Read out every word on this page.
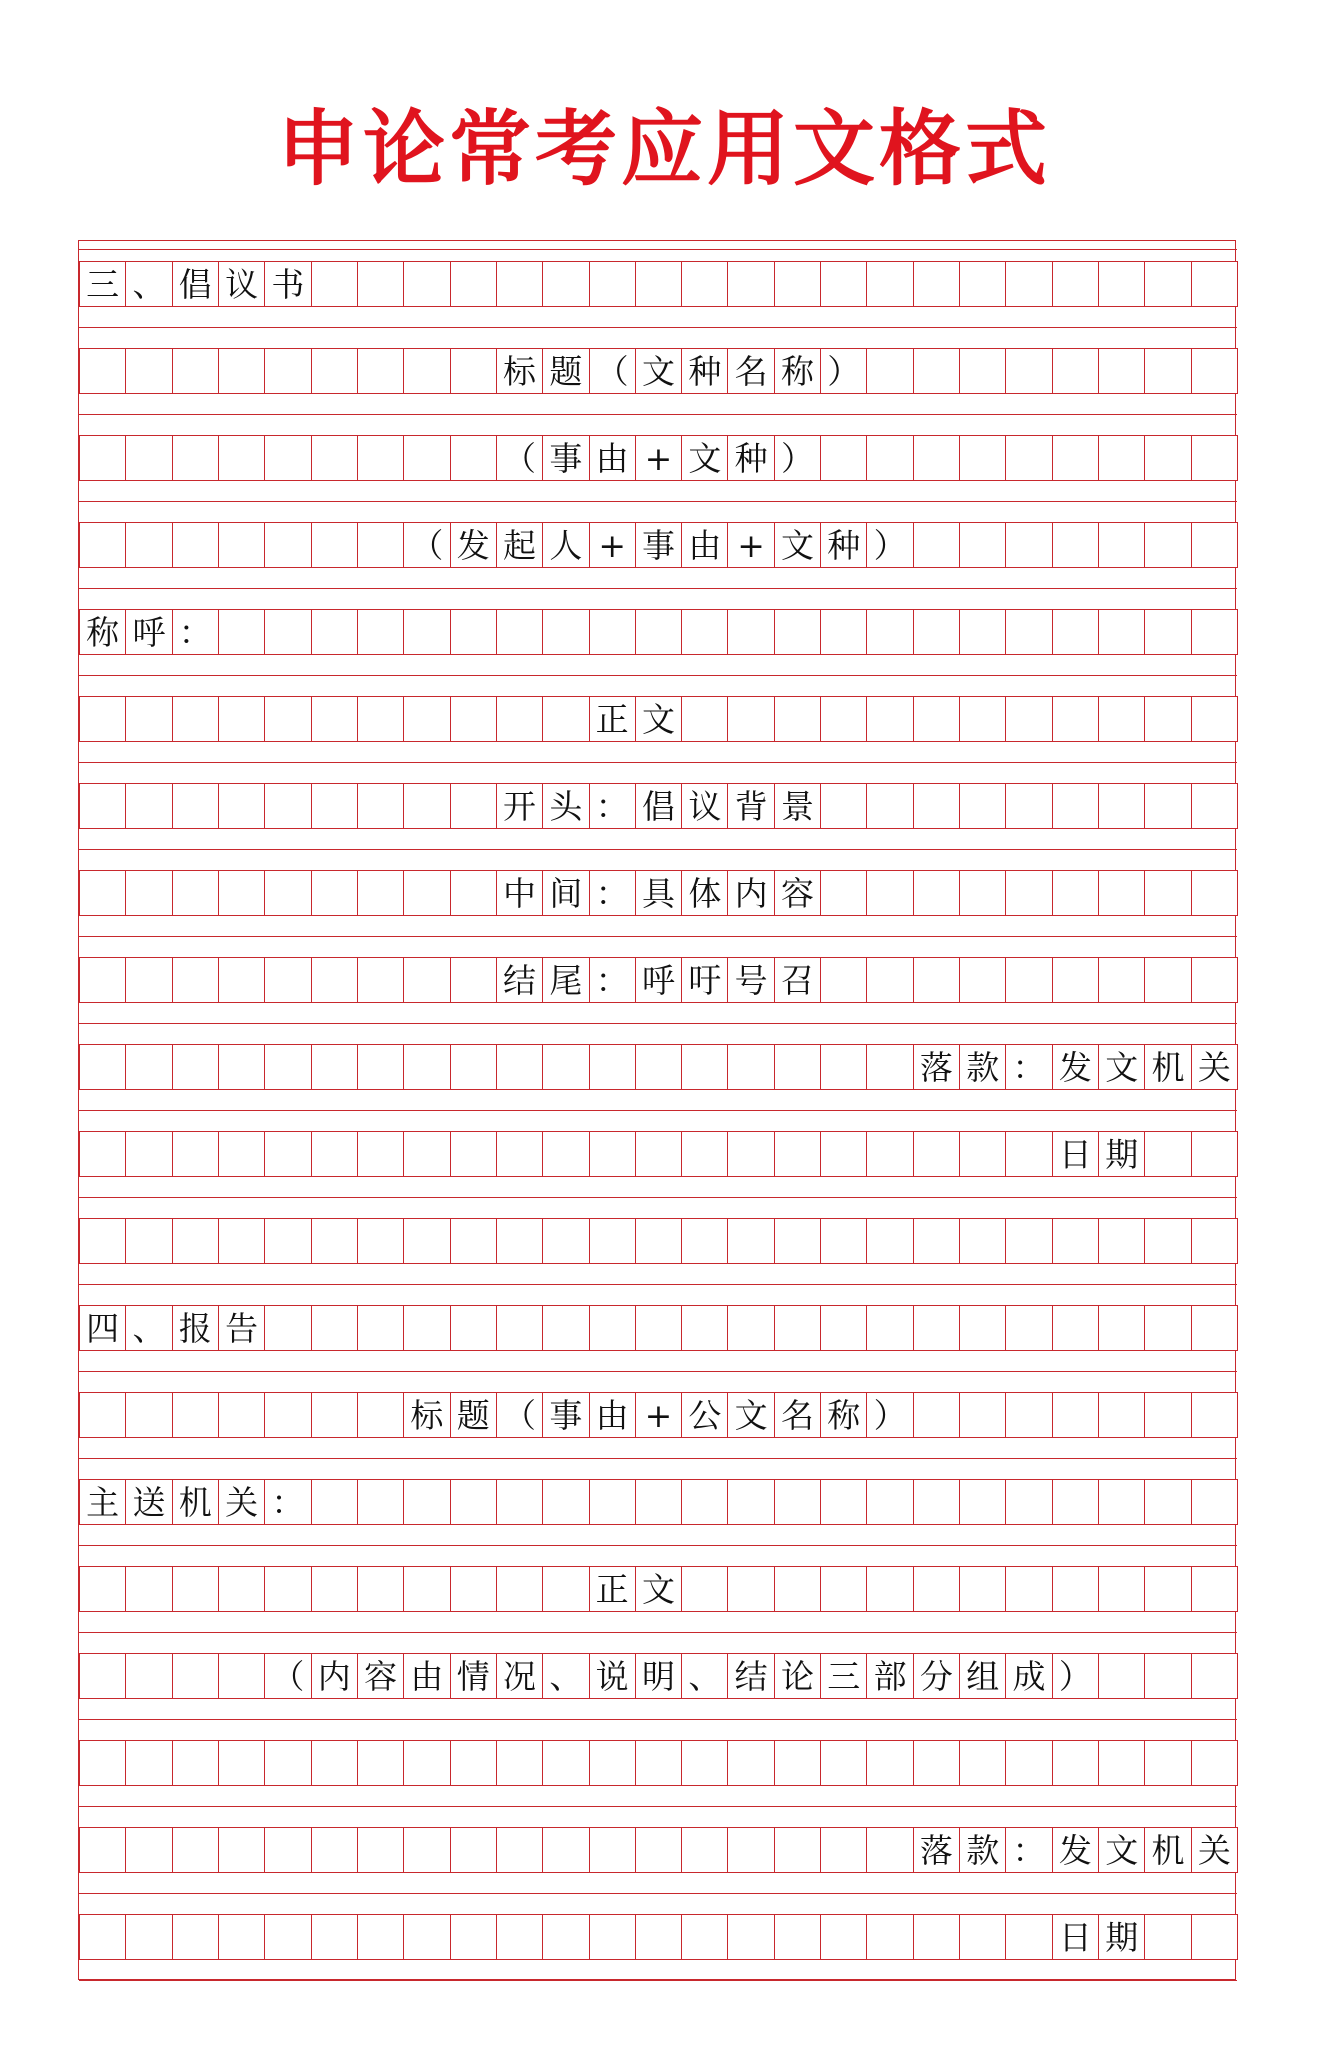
申论常考应用文格式
三 、 倡 议 书
标 题 （ 文 种 名 称 ）
（ 事 由 + 文 种 ）
（ 发 起 人 + 事 由 + 文 种 ）
称 呼 ：
正 文
开 头 ： 倡 议 背 景
中 间 ： 具 体 内 容
结 尾 ： 呼 吁 号 召
落 款 ： 发 文 机 关
日 期
四 、 报 告
标 题 （ 事 由 + 公 文 名 称 ）
主 送 机 关 ：
正 文
（ 内 容 由 情 况 、 说 明 、 结 论 三 部 分 组 成 ）
落 款 ： 发 文 机 关
日 期
